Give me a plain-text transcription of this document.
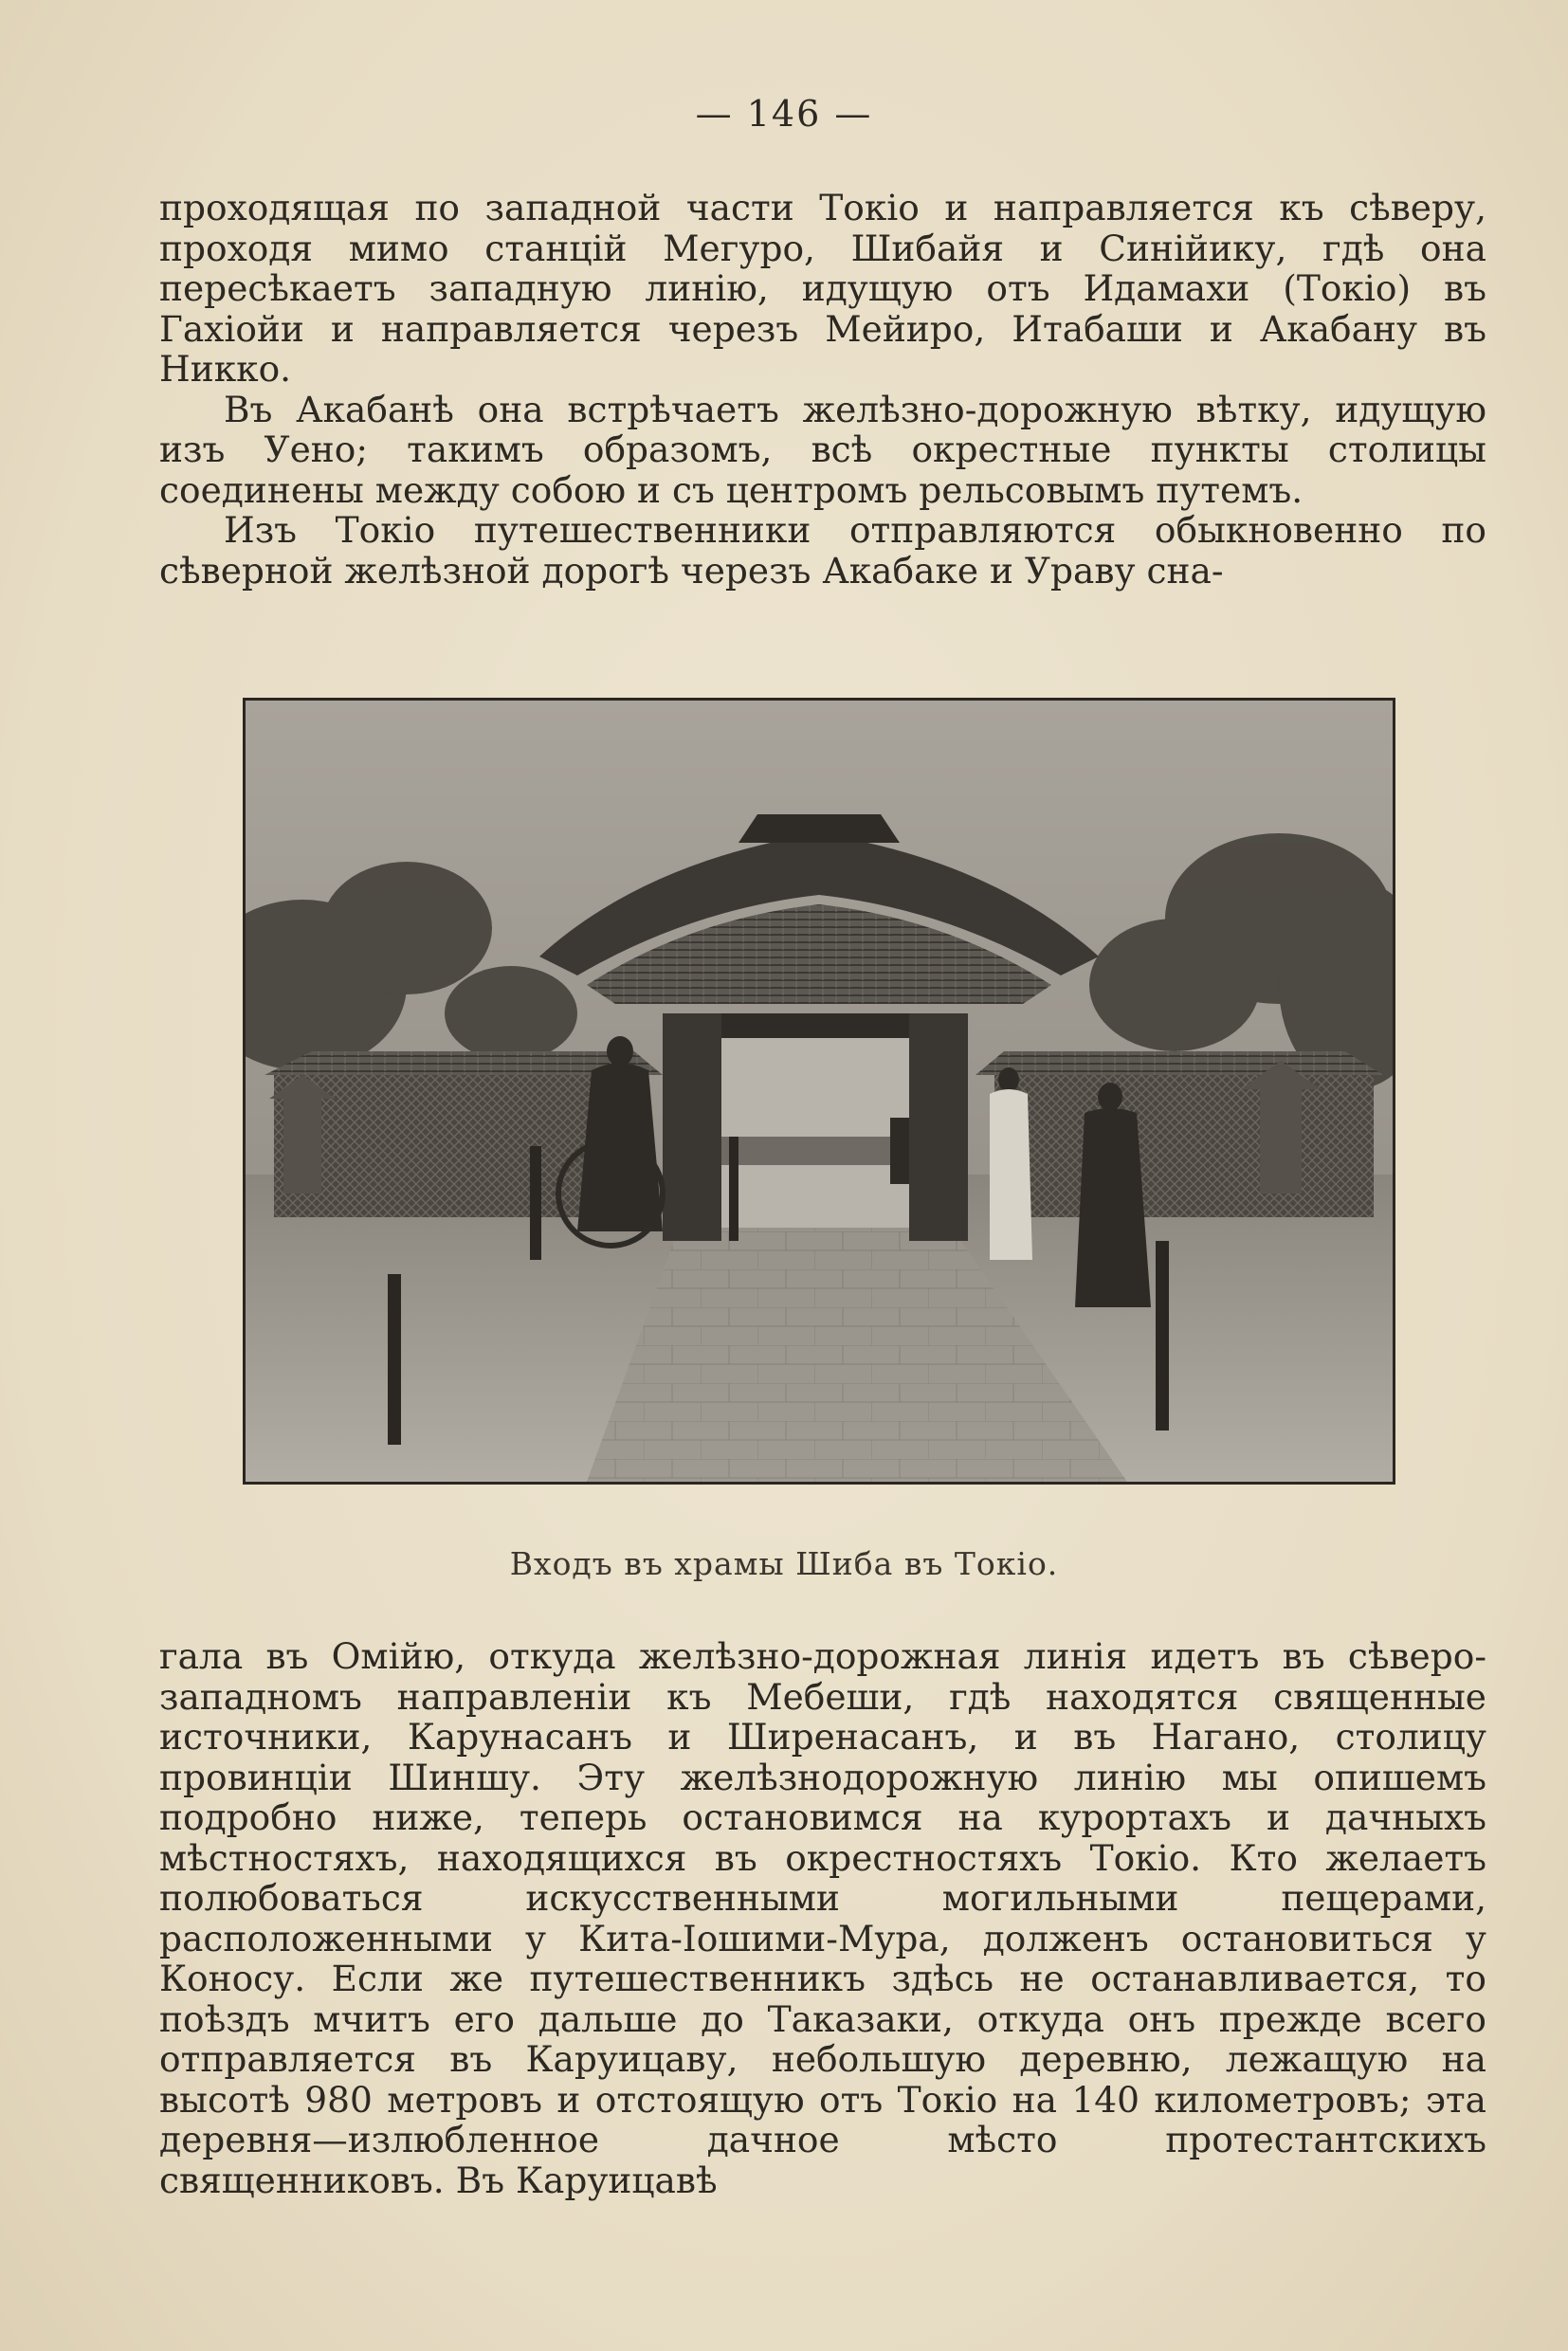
— 146 —

проходящая по западной части Токіо и направляется къ сѣверу, проходя мимо станцій Мегуро, Шибайя и Синійику, гдѣ она пересѣкаетъ западную линію, идущую отъ Идамахи (Токіо) въ Гахіойи и направляется черезъ Мейиро, Итабаши и Акабану въ Никко.

Въ Акабанѣ она встрѣчаетъ желѣзно-дорожную вѣтку, идущую изъ Уено; такимъ образомъ, всѣ окрестные пункты столицы соединены между собою и съ центромъ рельсовымъ путемъ.

Изъ Токіо путешественники отправляются обыкновенно по сѣверной желѣзной дорогѣ черезъ Акабаке и Ураву сна-

Входъ въ храмы Шиба въ Токіо.

гала въ Омійю, откуда желѣзно-дорожная линія идетъ въ сѣверо-западномъ направленіи къ Мебеши, гдѣ находятся священные источники, Карунасанъ и Ширенасанъ, и въ Нагано, столицу провинціи Шиншу. Эту желѣзнодорожную линію мы опишемъ подробно ниже, теперь остановимся на курортахъ и дачныхъ мѣстностяхъ, находящихся въ окрестностяхъ Токіо. Кто желаетъ полюбоваться искусственными могильными пещерами, расположенными у Кита-Іошими-Мура, долженъ остановиться у Коносу. Если же путешественникъ здѣсь не останавливается, то поѣздъ мчитъ его дальше до Таказаки, откуда онъ прежде всего отправляется въ Каруицаву, небольшую деревню, лежащую на высотѣ 980 метровъ и отстоящую отъ Токіо на 140 километровъ; эта деревня—излюбленное дачное мѣсто протестантскихъ священниковъ. Въ Каруицавѣ
